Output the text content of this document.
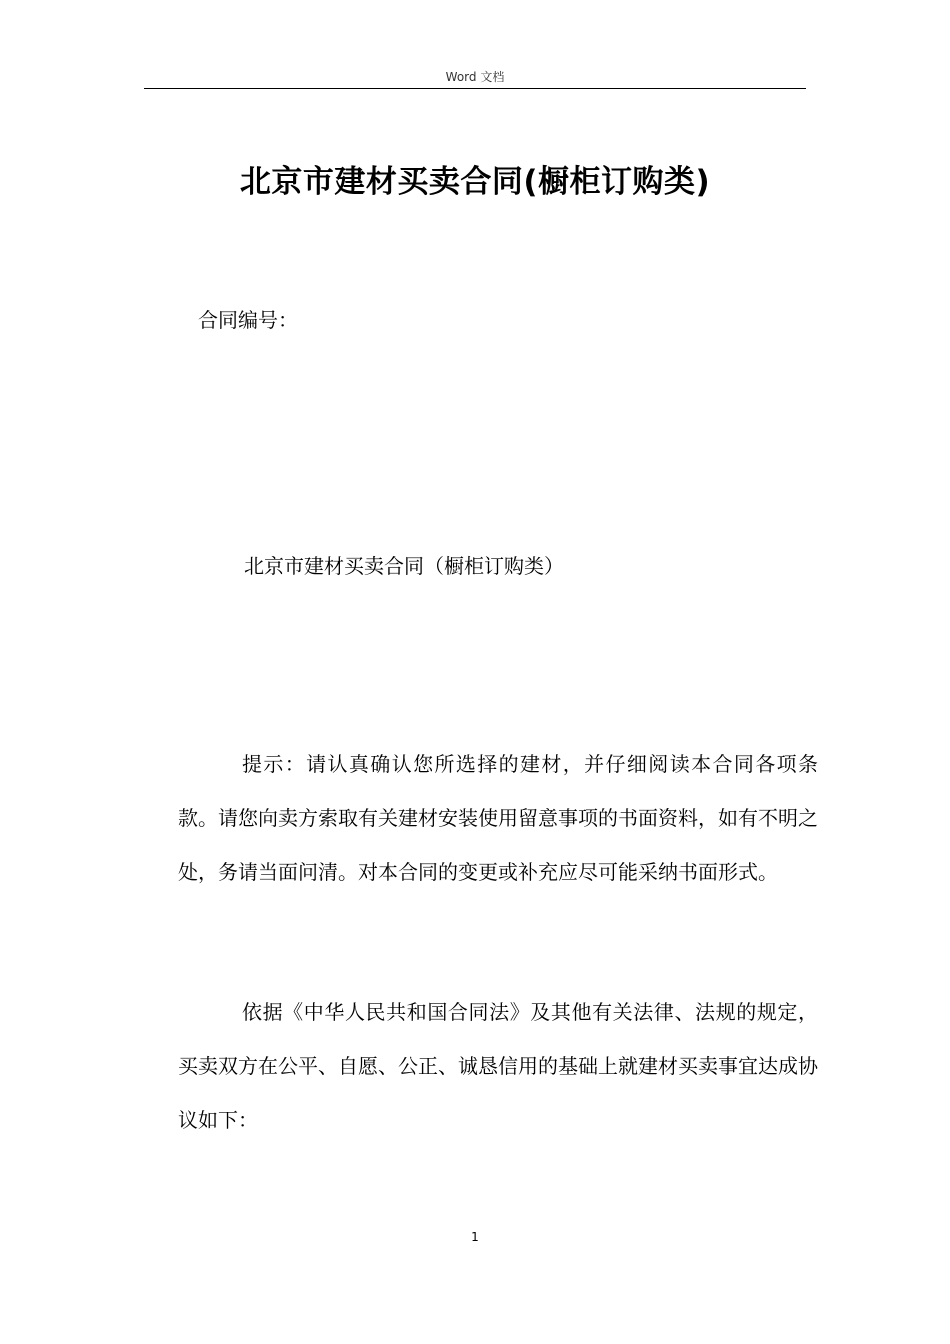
Word 文档
北京市建材买卖合同(橱柜订购类)
合同编号：
北京市建材买卖合同（橱柜订购类）

提示：请认真确认您所选择的建材，并仔细阅读本合同各项条款。请您向卖方索取有关建材安装使用留意事项的书面资料，如有不明之处，务请当面问清。对本合同的变更或补充应尽可能采纳书面形式。

依据《中华人民共和国合同法》及其他有关法律、法规的规定，买卖双方在公平、自愿、公正、诚恳信用的基础上就建材买卖事宜达成协议如下：

1
